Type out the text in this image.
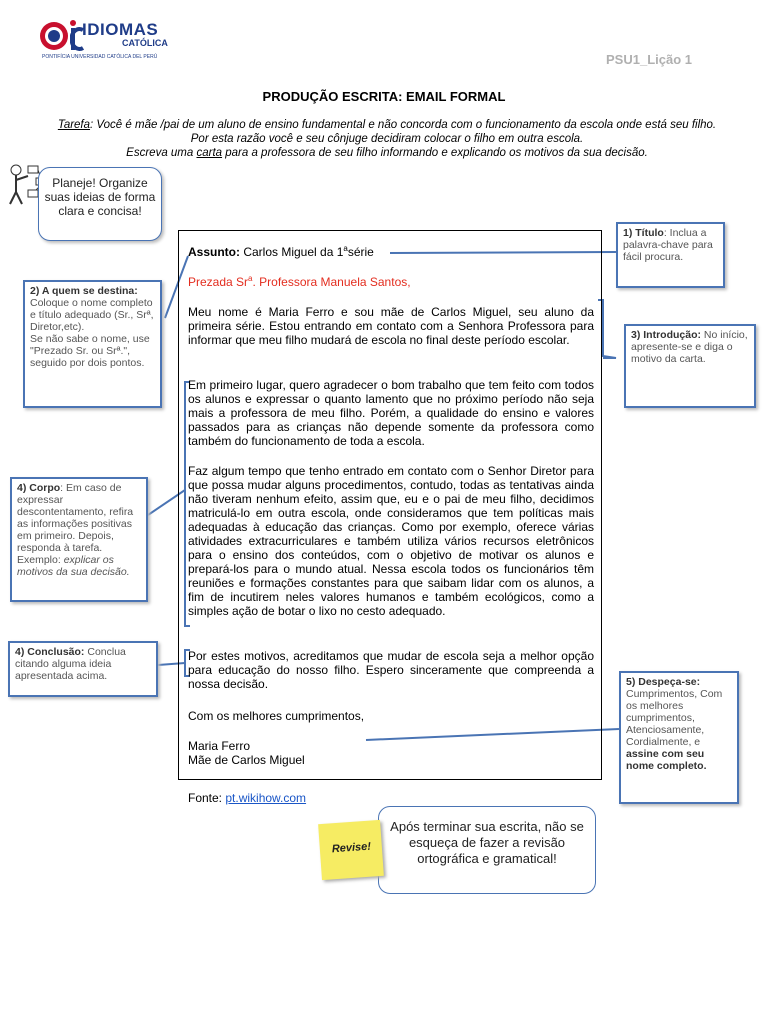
IDIOMAS
CATÓLICA
PONTIFÍCIA UNIVERSIDAD CATÓLICA DEL PERÚ	PSU1_Lição 1
PRODUÇÃO ESCRITA: EMAIL FORMAL
Tarefa: Você é mãe /pai de um aluno de ensino fundamental e não concorda com o funcionamento da escola onde está seu filho. Por esta razão você e seu cônjuge decidiram colocar o filho em outra escola.
Escreva uma carta para a professora de seu filho informando e explicando os motivos da sua decisão.
Planeje! Organize suas ideias de forma clara e concisa!
2) A quem se destina: Coloque o nome completo e título adequado (Sr., Srª, Diretor,etc).
Se não sabe o nome, use "Prezado Sr. ou Srª.", seguido por dois pontos.
4) Corpo: Em caso de expressar descontentamento, refira as informações positivas em primeiro. Depois, responda à tarefa. Exemplo: explicar os motivos da sua decisão.
4) Conclusão: Conclua citando alguma ideia apresentada acima.
1) Título: Inclua a palavra-chave para fácil procura.
3) Introdução: No início, apresente-se e diga o motivo da carta.
5) Despeça-se:
Cumprimentos, Com os melhores cumprimentos, Atenciosamente, Cordialmente, e assine com seu nome completo.
Assunto: Carlos Miguel da 1$^a$série
Prezada Sr$^a$. Professora Manuela Santos,
Meu nome é Maria Ferro e sou mãe de Carlos Miguel, seu aluno da primeira série. Estou entrando em contato com a Senhora Professora para informar que meu filho mudará de escola no final deste período escolar.
Em primeiro lugar, quero agradecer o bom trabalho que tem feito com todos os alunos e expressar o quanto lamento que no próximo período não seja mais a professora de meu filho. Porém, a qualidade do ensino e valores passados para as crianças não depende somente da professora como também do funcionamento de toda a escola.
Faz algum tempo que tenho entrado em contato com o Senhor Diretor para que possa mudar alguns procedimentos, contudo, todas as tentativas ainda não tiveram nenhum efeito, assim que, eu e o pai de meu filho, decidimos matriculá-lo em outra escola, onde consideramos que tem políticas mais adequadas à educação das crianças. Como por exemplo, oferece várias atividades extracurriculares e também utiliza vários recursos eletrônicos para o ensino dos conteúdos, com o objetivo de motivar os alunos e prepará-los para o mundo atual. Nessa escola todos os funcionários têm reuniões e formações constantes para que saibam lidar com os alunos, a fim de incutirem neles valores humanos e também ecológicos, como a simples ação de botar o lixo no cesto adequado.
Por estes motivos, acreditamos que mudar de escola seja a melhor opção para educação do nosso filho. Espero sinceramente que compreenda a nossa decisão.
Com os melhores cumprimentos,
Maria Ferro
Mãe de Carlos Miguel
Fonte: pt.wikihow.com
Após terminar sua escrita, não se esqueça de fazer a revisão ortográfica e gramatical!
Revise!
